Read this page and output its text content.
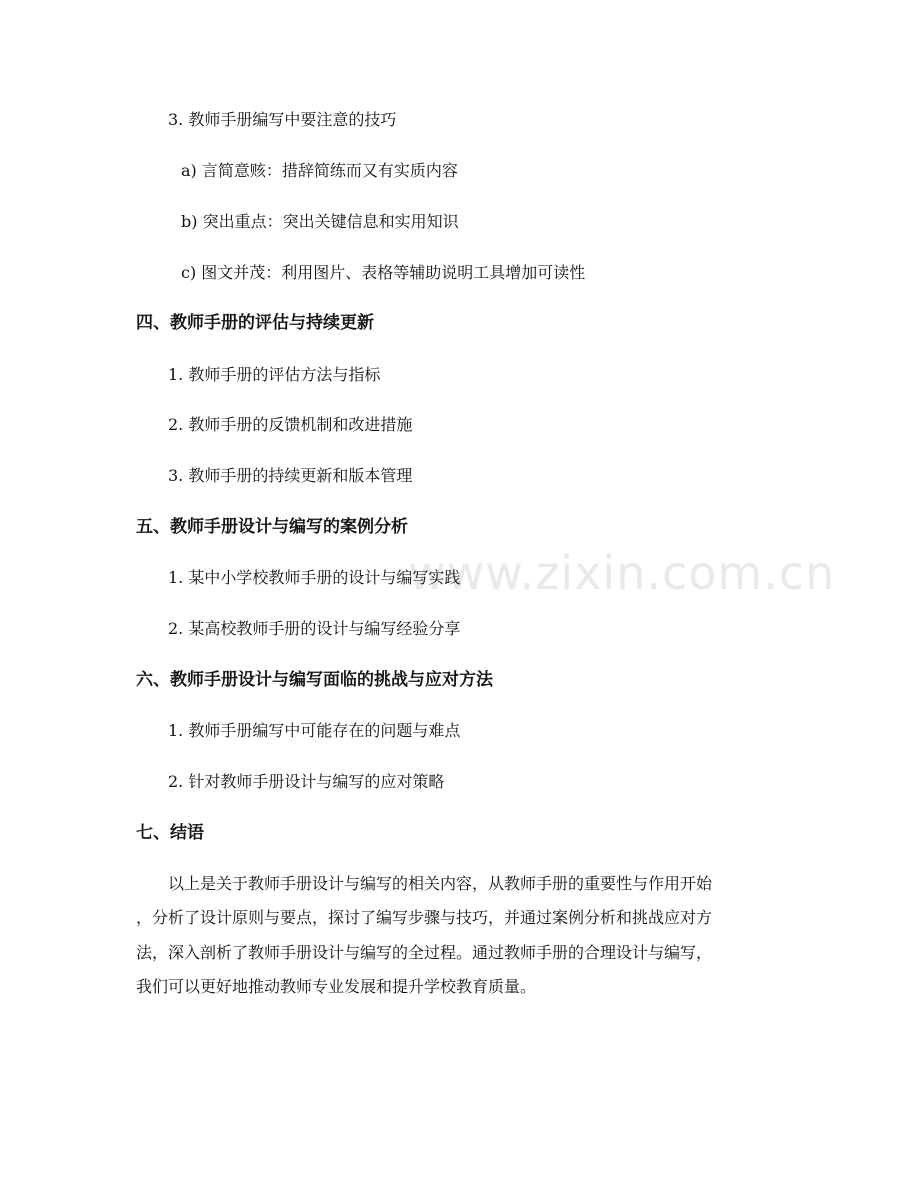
www.zixin.com.cn
3. 教师手册编写中要注意的技巧
a) 言简意赅：措辞简练而又有实质内容
b) 突出重点：突出关键信息和实用知识
c) 图文并茂：利用图片、表格等辅助说明工具增加可读性
四、教师手册的评估与持续更新
1. 教师手册的评估方法与指标
2. 教师手册的反馈机制和改进措施
3. 教师手册的持续更新和版本管理
五、教师手册设计与编写的案例分析
1. 某中小学校教师手册的设计与编写实践
2. 某高校教师手册的设计与编写经验分享
六、教师手册设计与编写面临的挑战与应对方法
1. 教师手册编写中可能存在的问题与难点
2. 针对教师手册设计与编写的应对策略
七、结语
以上是关于教师手册设计与编写的相关内容，从教师手册的重要性与作用开始
，分析了设计原则与要点，探讨了编写步骤与技巧，并通过案例分析和挑战应对方
法，深入剖析了教师手册设计与编写的全过程。通过教师手册的合理设计与编写，
我们可以更好地推动教师专业发展和提升学校教育质量。
